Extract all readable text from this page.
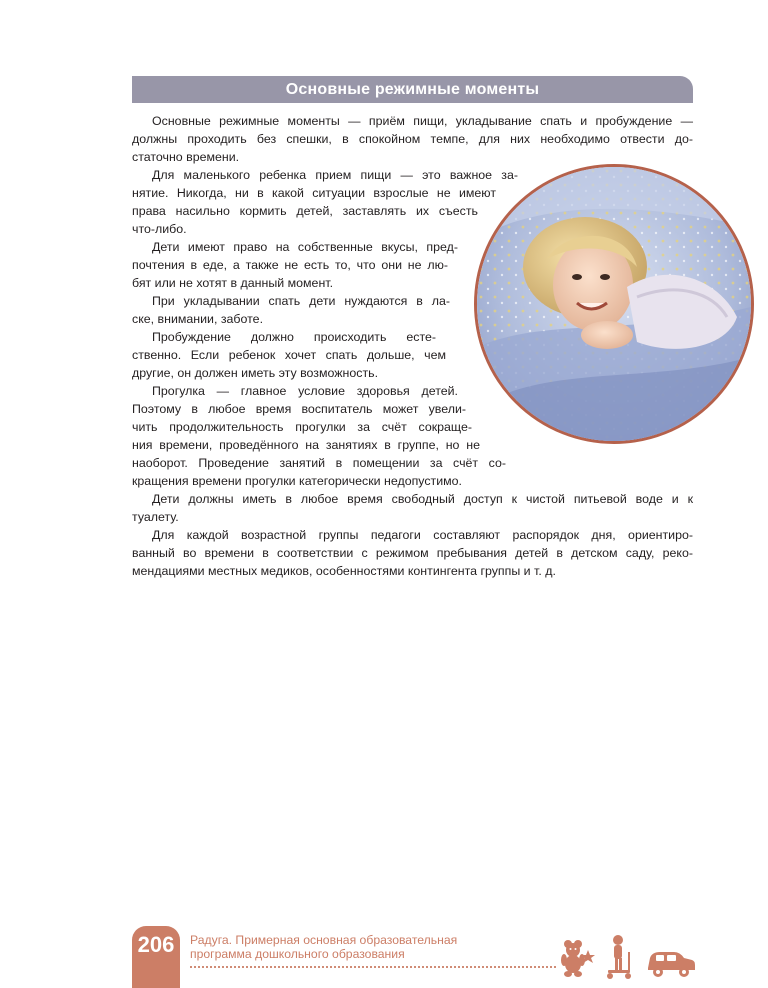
Основные режимные моменты
Основные режимные моменты — приём пищи, укладывание спать и пробуждение —
должны проходить без спешки, в спокойном темпе, для них необходимо отвести до-
статочно времени.
Для маленького ребенка прием пищи — это важное за-
нятие. Никогда, ни в какой ситуации взрослые не имеют
права насильно кормить детей, заставлять их съесть
что-либо.
Дети имеют право на собственные вкусы, пред-
почтения в еде, а также не есть то, что они не лю-
бят или не хотят в данный момент.
При укладывании спать дети нуждаются в ла-
ске, внимании, заботе.
Пробуждение должно происходить есте-
ственно. Если ребенок хочет спать дольше, чем
другие, он должен иметь эту возможность.
Прогулка — главное условие здоровья детей.
Поэтому в любое время воспитатель может увели-
чить продолжительность прогулки за счёт сокраще-
ния времени, проведённого на занятиях в группе, но не
наоборот. Проведение занятий в помещении за счёт со-
кращения времени прогулки категорически недопустимо.
Дети должны иметь в любое время свободный доступ к чистой питьевой воде и к
туалету.
Для каждой возрастной группы педагоги составляют распорядок дня, ориентиро-
ванный во времени в соответствии с режимом пребывания детей в детском саду, реко-
мендациями местных медиков, особенностями контингента группы и т. д.
206 Радуга. Примерная основная образовательная
программа дошкольного образования
